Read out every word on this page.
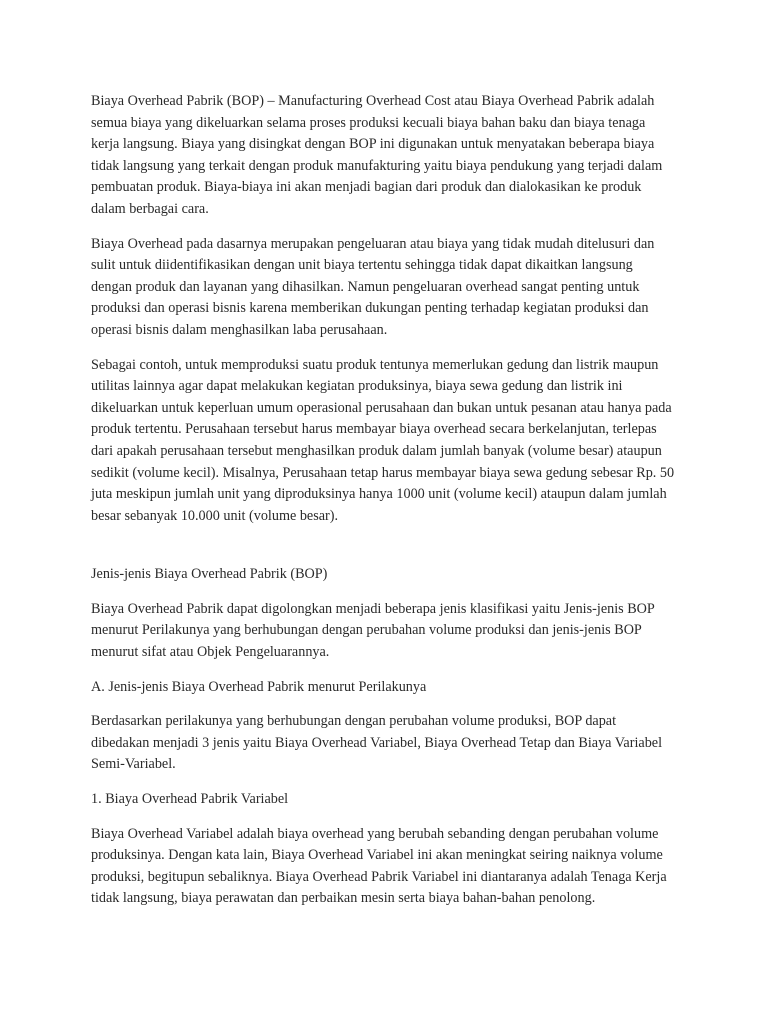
Biaya Overhead Pabrik (BOP) – Manufacturing Overhead Cost atau Biaya Overhead Pabrik adalah semua biaya yang dikeluarkan selama proses produksi kecuali biaya bahan baku dan biaya tenaga kerja langsung. Biaya yang disingkat dengan BOP ini digunakan untuk menyatakan beberapa biaya tidak langsung yang terkait dengan produk manufakturing yaitu biaya pendukung yang terjadi dalam pembuatan produk. Biaya-biaya ini akan menjadi bagian dari produk dan dialokasikan ke produk dalam berbagai cara.

Biaya Overhead pada dasarnya merupakan pengeluaran atau biaya yang tidak mudah ditelusuri dan sulit untuk diidentifikasikan dengan unit biaya tertentu sehingga tidak dapat dikaitkan langsung dengan produk dan layanan yang dihasilkan. Namun pengeluaran overhead sangat penting untuk produksi dan operasi bisnis karena memberikan dukungan penting terhadap kegiatan produksi dan operasi bisnis dalam menghasilkan laba perusahaan.

Sebagai contoh, untuk memproduksi suatu produk tentunya memerlukan gedung dan listrik maupun utilitas lainnya agar dapat melakukan kegiatan produksinya, biaya sewa gedung dan listrik ini dikeluarkan untuk keperluan umum operasional perusahaan dan bukan untuk pesanan atau hanya pada produk tertentu. Perusahaan tersebut harus membayar biaya overhead secara berkelanjutan, terlepas dari apakah perusahaan tersebut menghasilkan produk dalam jumlah banyak (volume besar) ataupun sedikit (volume kecil). Misalnya, Perusahaan tetap harus membayar biaya sewa gedung sebesar Rp. 50 juta meskipun jumlah unit yang diproduksinya hanya 1000 unit (volume kecil) ataupun dalam jumlah besar sebanyak 10.000 unit (volume besar).

Jenis-jenis Biaya Overhead Pabrik (BOP)

Biaya Overhead Pabrik dapat digolongkan menjadi beberapa jenis klasifikasi yaitu Jenis-jenis BOP menurut Perilakunya yang berhubungan dengan perubahan volume produksi dan jenis-jenis BOP menurut sifat atau Objek Pengeluarannya.

A. Jenis-jenis Biaya Overhead Pabrik menurut Perilakunya

Berdasarkan perilakunya yang berhubungan dengan perubahan volume produksi, BOP dapat dibedakan menjadi 3 jenis yaitu Biaya Overhead Variabel, Biaya Overhead Tetap dan Biaya Variabel Semi-Variabel.

1. Biaya Overhead Pabrik Variabel

Biaya Overhead Variabel adalah biaya overhead yang berubah sebanding dengan perubahan volume produksinya. Dengan kata lain, Biaya Overhead Variabel ini akan meningkat seiring naiknya volume produksi, begitupun sebaliknya. Biaya Overhead Pabrik Variabel ini diantaranya adalah Tenaga Kerja tidak langsung, biaya perawatan dan perbaikan mesin serta biaya bahan-bahan penolong.
